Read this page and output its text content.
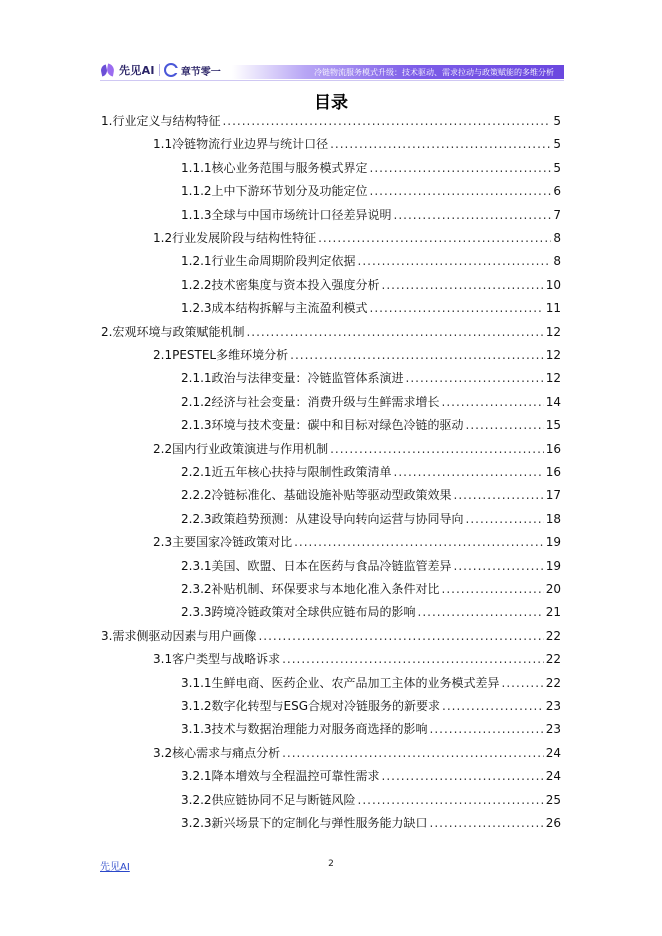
先见AI	章节零一	冷链物流服务模式升级：技术驱动、需求拉动与政策赋能的多维分析
目录
1.行业定义与结构特征 .....	5
1.1冷链物流行业边界与统计口径 .....	5
1.1.1核心业务范围与服务模式界定 .....	5
1.1.2上中下游环节划分及功能定位 .....	6
1.1.3全球与中国市场统计口径差异说明 .....	7
1.2行业发展阶段与结构性特征 .....	8
1.2.1行业生命周期阶段判定依据 .....	8
1.2.2技术密集度与资本投入强度分析 .....	10
1.2.3成本结构拆解与主流盈利模式 .....	11
2.宏观环境与政策赋能机制 .....	12
2.1PESTEL多维环境分析 .....	12
2.1.1政治与法律变量：冷链监管体系演进 .....	12
2.1.2经济与社会变量：消费升级与生鲜需求增长 .....	14
2.1.3环境与技术变量：碳中和目标对绿色冷链的驱动 .....	15
2.2国内行业政策演进与作用机制 .....	16
2.2.1近五年核心扶持与限制性政策清单 .....	16
2.2.2冷链标准化、基础设施补贴等驱动型政策效果 .....	17
2.2.3政策趋势预测：从建设导向转向运营与协同导向 .....	18
2.3主要国家冷链政策对比 .....	19
2.3.1美国、欧盟、日本在医药与食品冷链监管差异 .....	19
2.3.2补贴机制、环保要求与本地化准入条件对比 .....	20
2.3.3跨境冷链政策对全球供应链布局的影响 .....	21
3.需求侧驱动因素与用户画像 .....	22
3.1客户类型与战略诉求 .....	22
3.1.1生鲜电商、医药企业、农产品加工主体的业务模式差异 .....	22
3.1.2数字化转型与ESG合规对冷链服务的新要求 .....	23
3.1.3技术与数据治理能力对服务商选择的影响 .....	23
3.2核心需求与痛点分析 .....	24
3.2.1降本增效与全程温控可靠性需求 .....	24
3.2.2供应链协同不足与断链风险 .....	25
3.2.3新兴场景下的定制化与弹性服务能力缺口 .....	26
先见AI	2
